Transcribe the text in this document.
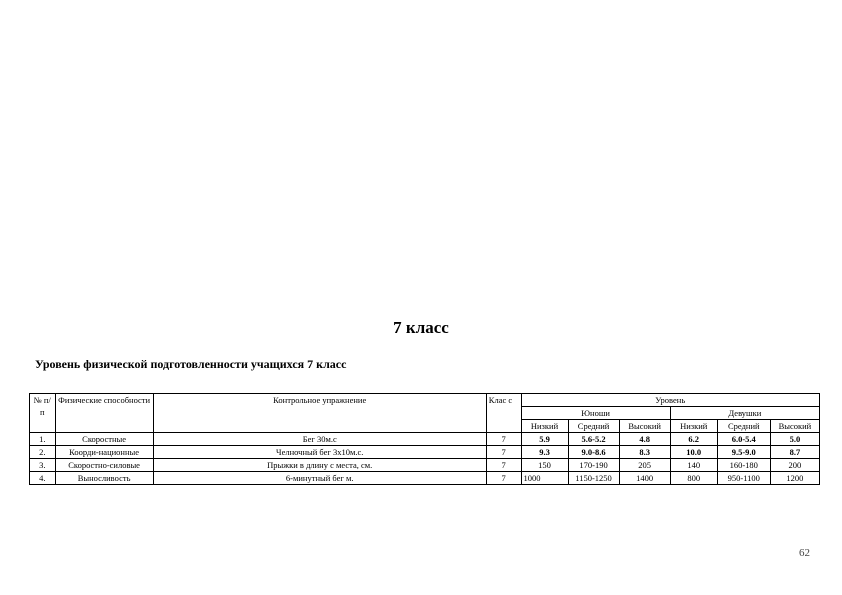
7 класс
Уровень физической подготовленности учащихся 7 класс
№ п/п	Физические способности	Контрольное упражнение	Клас с	Уровень					
				Юноши			Девушки		
				Низкий	Средний	Высокий	Низкий	Средний	Высокий
1.	Скоростные	Бег 30м.с	7	5.9	5.6-5.2	4.8	6.2	6.0-5.4	5.0
2.	Коорди-национные	Челночный бег 3х10м.с.	7	9.3	9.0-8.6	8.3	10.0	9.5-9.0	8.7
3.	Скоростно-силовые	Прыжки в длину с места, см.	7	150	170-190	205	140	160-180	200
4.	Выносливость	6-минутный бег м.	7	1000	1150-1250	1400	800	950-1100	1200
62
